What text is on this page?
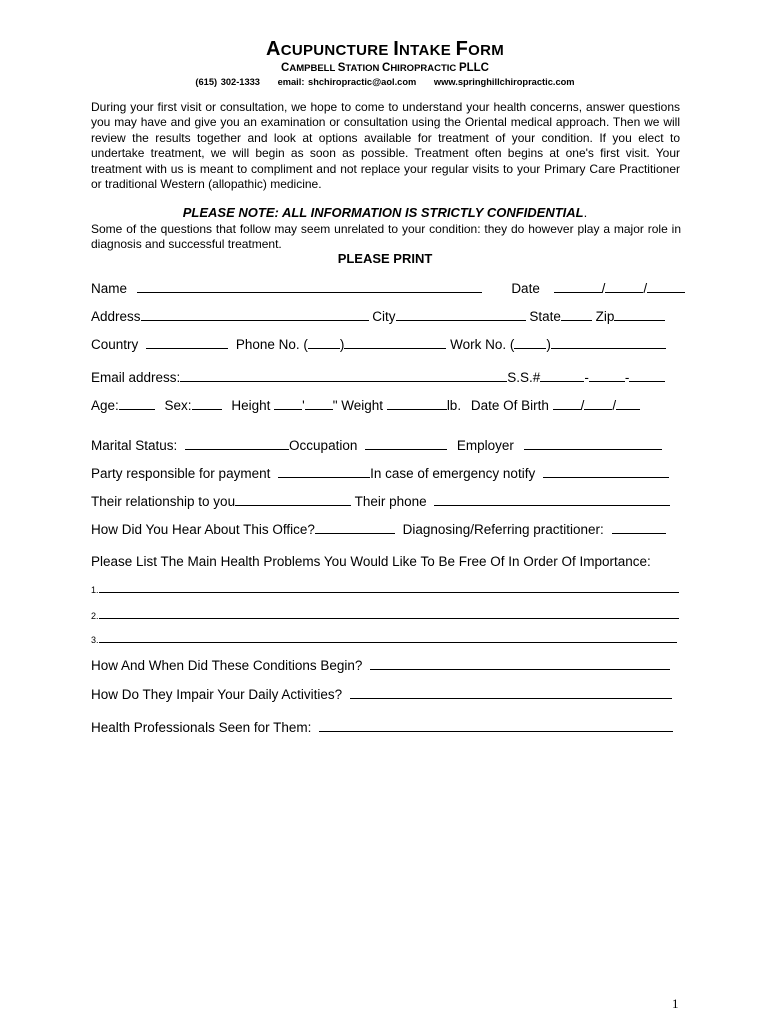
ACUPUNCTURE INTAKE FORM
CAMPBELL STATION CHIROPRACTIC PLLC
(615) 302-1333 email: shchiropractic@aol.com www.springhillchiropractic.com
During your first visit or consultation, we hope to come to understand your health concerns, answer questions you may have and give you an examination or consultation using the Oriental medical approach. Then we will review the results together and look at options available for treatment of your condition. If you elect to undertake treatment, we will begin as soon as possible. Treatment often begins at one's first visit. Your treatment with us is meant to compliment and not replace your regular visits to your Primary Care Practitioner or traditional Western (allopathic) medicine.
PLEASE NOTE: ALL INFORMATION IS STRICTLY CONFIDENTIAL.
Some of the questions that follow may seem unrelated to your condition: they do however play a major role in diagnosis and successful treatment.
PLEASE PRINT
Name	Date	/	/
Address	City	State	Zip
Country	Phone No. ( )	Work No. ( )
Email address:	S.S.#	-	-
Age:	Sex:	Height ' " Weight	lb. Date Of Birth / /
Marital Status:	Occupation	Employer
Party responsible for payment	In case of emergency notify
Their relationship to you	Their phone
How Did You Hear About This Office?	Diagnosing/Referring practitioner:
Please List The Main Health Problems You Would Like To Be Free Of In Order Of Importance:
1.
2.
3.
How And When Did These Conditions Begin?
How Do They Impair Your Daily Activities?
Health Professionals Seen for Them:
1
